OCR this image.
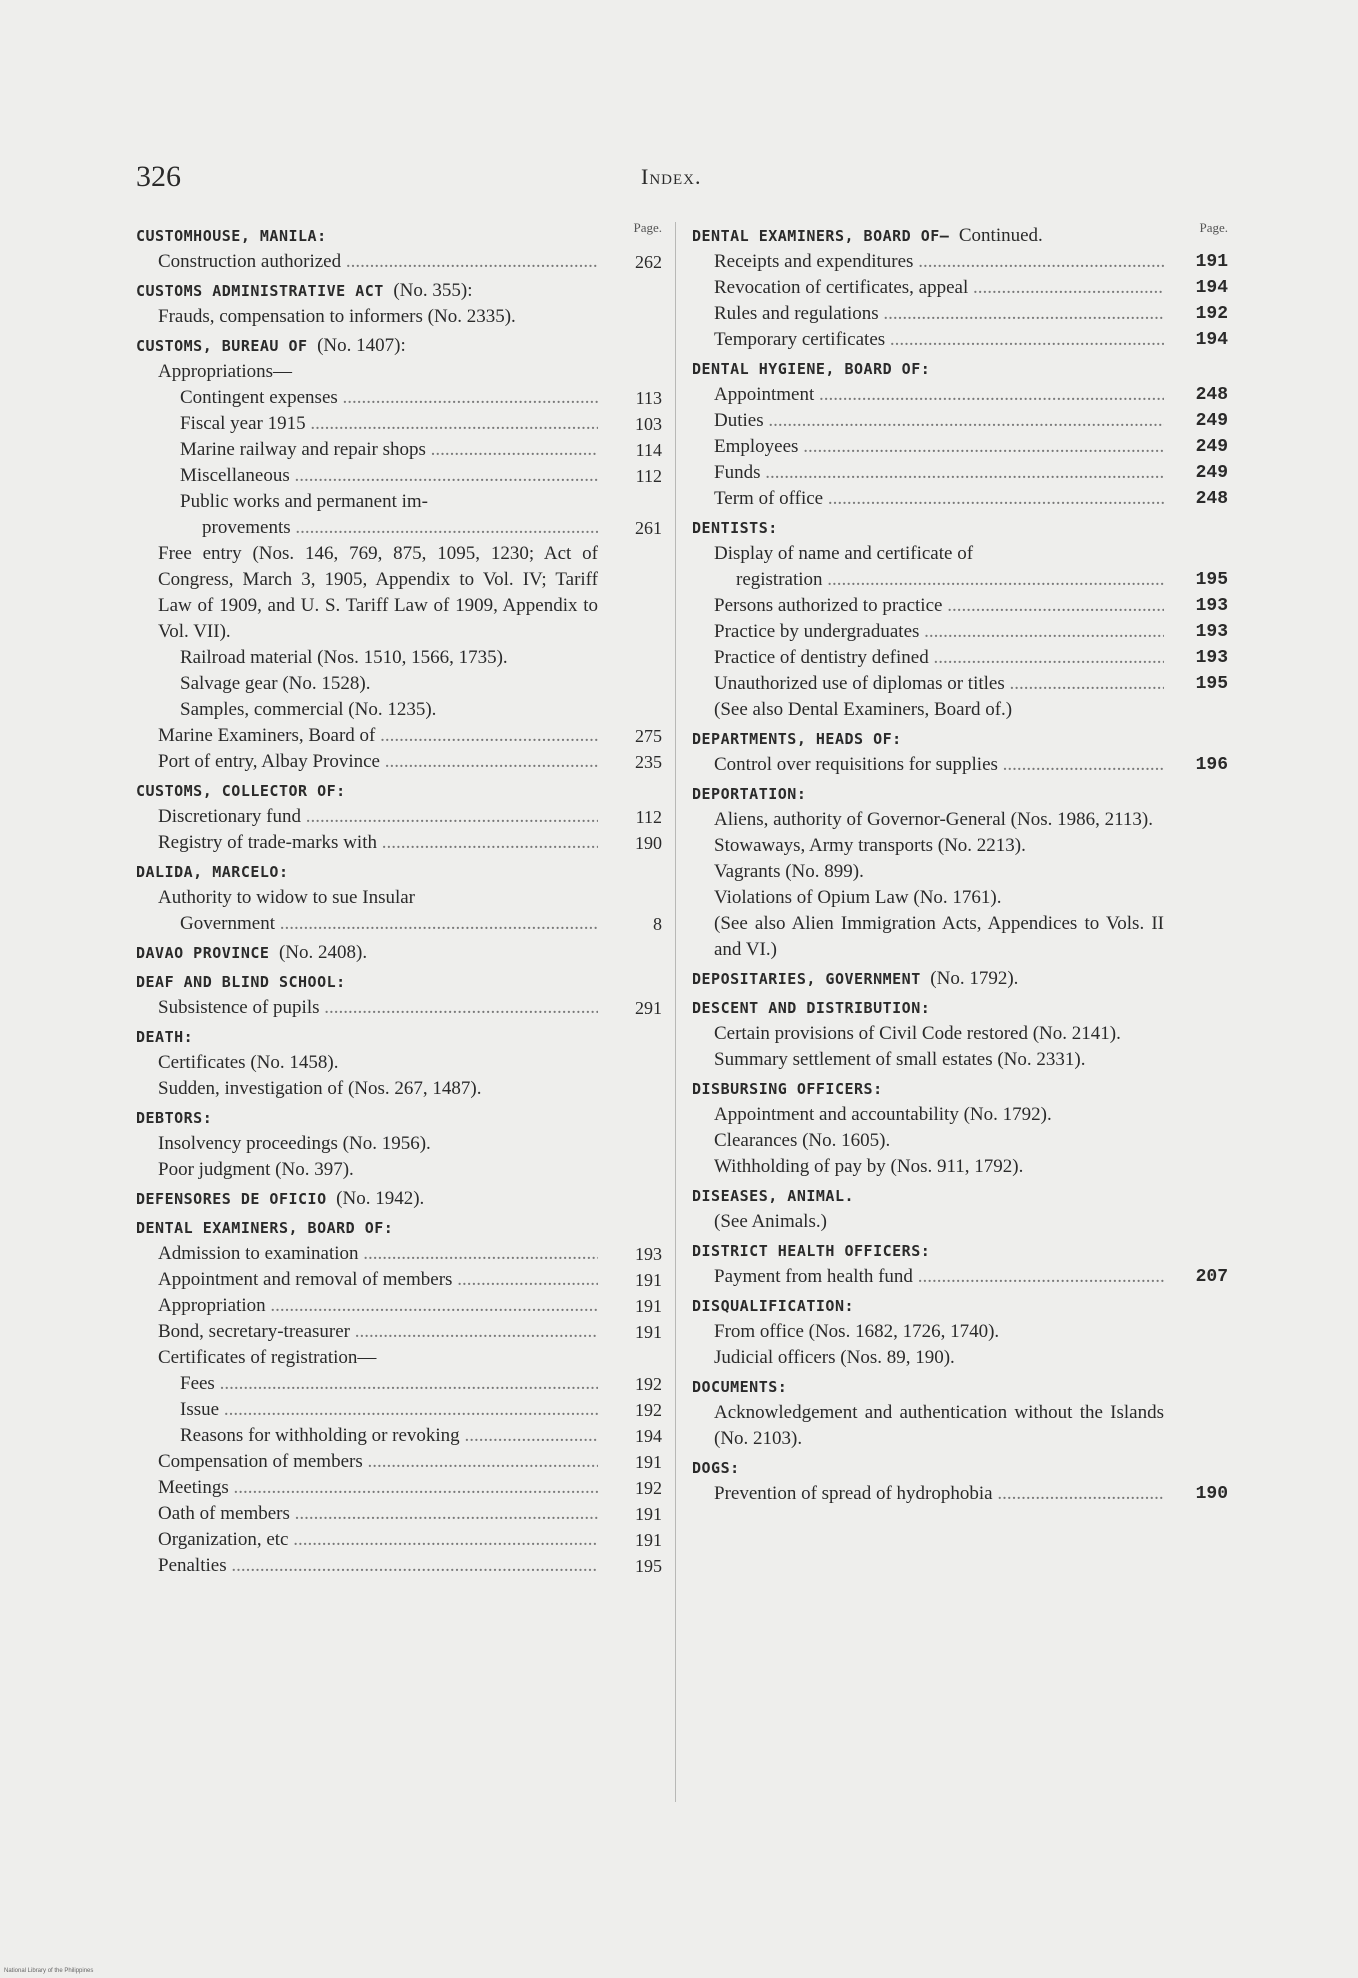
326	Index.
Page.
CUSTOMHOUSE, MANILA:
Construction authorized .....	262
CUSTOMS ADMINISTRATIVE ACT (No. 355):
Frauds, compensation to informers (No. 2335).
CUSTOMS, BUREAU OF (No. 1407):
Appropriations—
Contingent expenses .....	113
Fiscal year 1915 .....	103
Marine railway and repair shops .....	114
Miscellaneous .....	112
Public works and permanent im-
provements .....	261
Free entry (Nos. 146, 769, 875, 1095, 1230; Act of Congress, March 3, 1905, Appendix to Vol. IV; Tariff Law of 1909, and U. S. Tariff Law of 1909, Appendix to Vol. VII).
Railroad material (Nos. 1510, 1566, 1735).
Salvage gear (No. 1528).
Samples, commercial (No. 1235).
Marine Examiners, Board of .....	275
Port of entry, Albay Province .....	235
CUSTOMS, COLLECTOR OF:
Discretionary fund .....	112
Registry of trade-marks with .....	190
DALIDA, MARCELO:
Authority to widow to sue Insular
Government .....	8
DAVAO PROVINCE (No. 2408).
DEAF AND BLIND SCHOOL:
Subsistence of pupils .....	291
DEATH:
Certificates (No. 1458).
Sudden, investigation of (Nos. 267, 1487).
DEBTORS:
Insolvency proceedings (No. 1956).
Poor judgment (No. 397).
DEFENSORES DE OFICIO (No. 1942).
DENTAL EXAMINERS, BOARD OF:
Admission to examination .....	193
Appointment and removal of members .....	191
Appropriation .....	191
Bond, secretary-treasurer .....	191
Certificates of registration—
Fees .....	192
Issue .....	192
Reasons for withholding or revoking .....	194
Compensation of members .....	191
Meetings .....	192
Oath of members .....	191
Organization, etc .....	191
Penalties .....	195
Page.
DENTAL EXAMINERS, BOARD OF— Continued.
Receipts and expenditures .....	191
Revocation of certificates, appeal .....	194
Rules and regulations .....	192
Temporary certificates .....	194
DENTAL HYGIENE, BOARD OF:
Appointment .....	248
Duties .....	249
Employees .....	249
Funds .....	249
Term of office .....	248
DENTISTS:
Display of name and certificate of
registration .....	195
Persons authorized to practice .....	193
Practice by undergraduates .....	193
Practice of dentistry defined .....	193
Unauthorized use of diplomas or titles .....	195
(See also Dental Examiners, Board of.)
DEPARTMENTS, HEADS OF:
Control over requisitions for supplies .....	196
DEPORTATION:
Aliens, authority of Governor-General (Nos. 1986, 2113).
Stowaways, Army transports (No. 2213).
Vagrants (No. 899).
Violations of Opium Law (No. 1761).
(See also Alien Immigration Acts, Appendices to Vols. II and VI.)
DEPOSITARIES, GOVERNMENT (No. 1792).
DESCENT AND DISTRIBUTION:
Certain provisions of Civil Code restored (No. 2141).
Summary settlement of small estates (No. 2331).
DISBURSING OFFICERS:
Appointment and accountability (No. 1792).
Clearances (No. 1605).
Withholding of pay by (Nos. 911, 1792).
DISEASES, ANIMAL.
(See Animals.)
DISTRICT HEALTH OFFICERS:
Payment from health fund .....	207
DISQUALIFICATION:
From office (Nos. 1682, 1726, 1740).
Judicial officers (Nos. 89, 190).
DOCUMENTS:
Acknowledgement and authentication without the Islands (No. 2103).
DOGS:
Prevention of spread of hydrophobia .....	190
National Library of the Philippines
